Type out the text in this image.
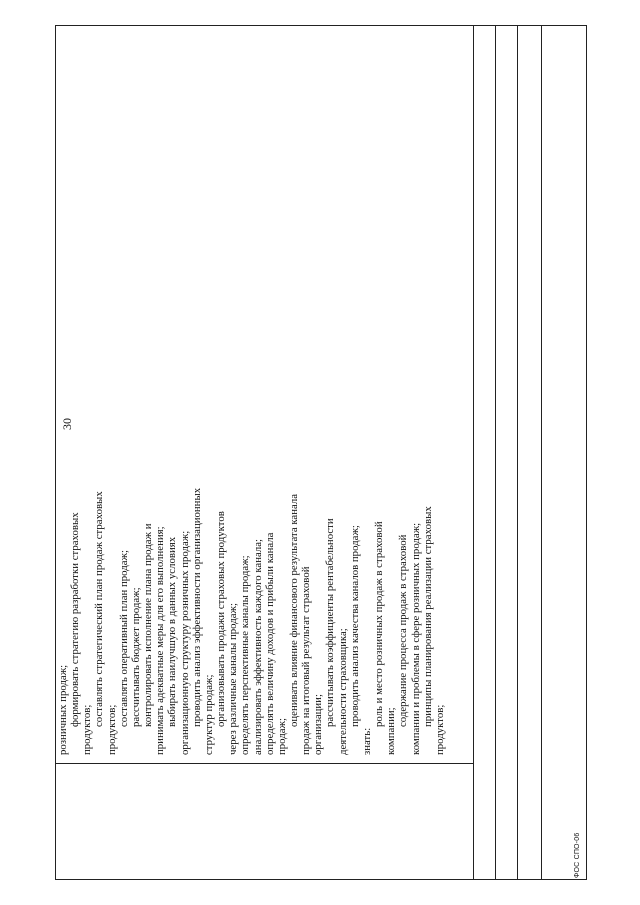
розничных продаж; формировать стратегию разработки страховых
продуктов;
составлять стратегический план продаж страховых
продуктов;
составлять оперативный план продаж; рассчитывать бюджет продаж; контролировать исполнение плана продаж и принимать адекватные меры для его выполнения; выбирать наилучшую в данных условиях организационную структуру розничных продаж; проводить анализ эффективности организационных структур продаж; организовывать продажи страховых продуктов через различные каналы продаж; определять перспективные каналы продаж; анализировать эффективность каждого канала; определять величину доходов и прибыли канала продаж;
оценивать влияние финансового результата канала продаж на итоговый результат страховой организации; рассчитывать коэффициенты рентабельности деятельности страховщика; проводить анализ качества каналов продаж;
знать:
роль и место розничных продаж в страховой
компании;
содержание процесса продаж в страховой компании и проблемы в сфере розничных продаж; принципы планирования реализации страховых
продуктов;
ФОС СПО-06
30
